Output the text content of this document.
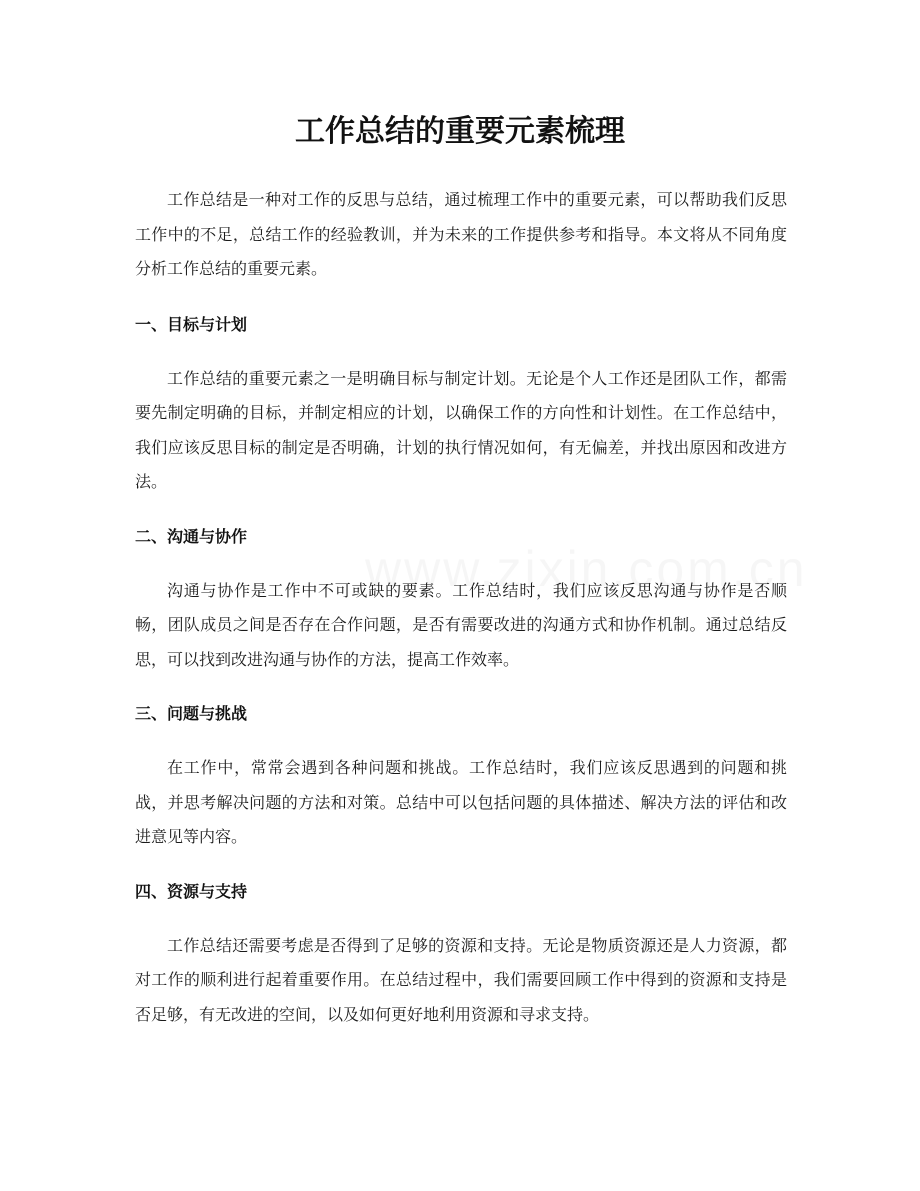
工作总结的重要元素梳理

工作总结是一种对工作的反思与总结，通过梳理工作中的重要元素，可以帮助我们反思工作中的不足，总结工作的经验教训，并为未来的工作提供参考和指导。本文将从不同角度分析工作总结的重要元素。

一、目标与计划

工作总结的重要元素之一是明确目标与制定计划。无论是个人工作还是团队工作，都需要先制定明确的目标，并制定相应的计划，以确保工作的方向性和计划性。在工作总结中，我们应该反思目标的制定是否明确，计划的执行情况如何，有无偏差，并找出原因和改进方法。

二、沟通与协作

沟通与协作是工作中不可或缺的要素。工作总结时，我们应该反思沟通与协作是否顺畅，团队成员之间是否存在合作问题，是否有需要改进的沟通方式和协作机制。通过总结反思，可以找到改进沟通与协作的方法，提高工作效率。

三、问题与挑战

在工作中，常常会遇到各种问题和挑战。工作总结时，我们应该反思遇到的问题和挑战，并思考解决问题的方法和对策。总结中可以包括问题的具体描述、解决方法的评估和改进意见等内容。

四、资源与支持

工作总结还需要考虑是否得到了足够的资源和支持。无论是物质资源还是人力资源，都对工作的顺利进行起着重要作用。在总结过程中，我们需要回顾工作中得到的资源和支持是否足够，有无改进的空间，以及如何更好地利用资源和寻求支持。
